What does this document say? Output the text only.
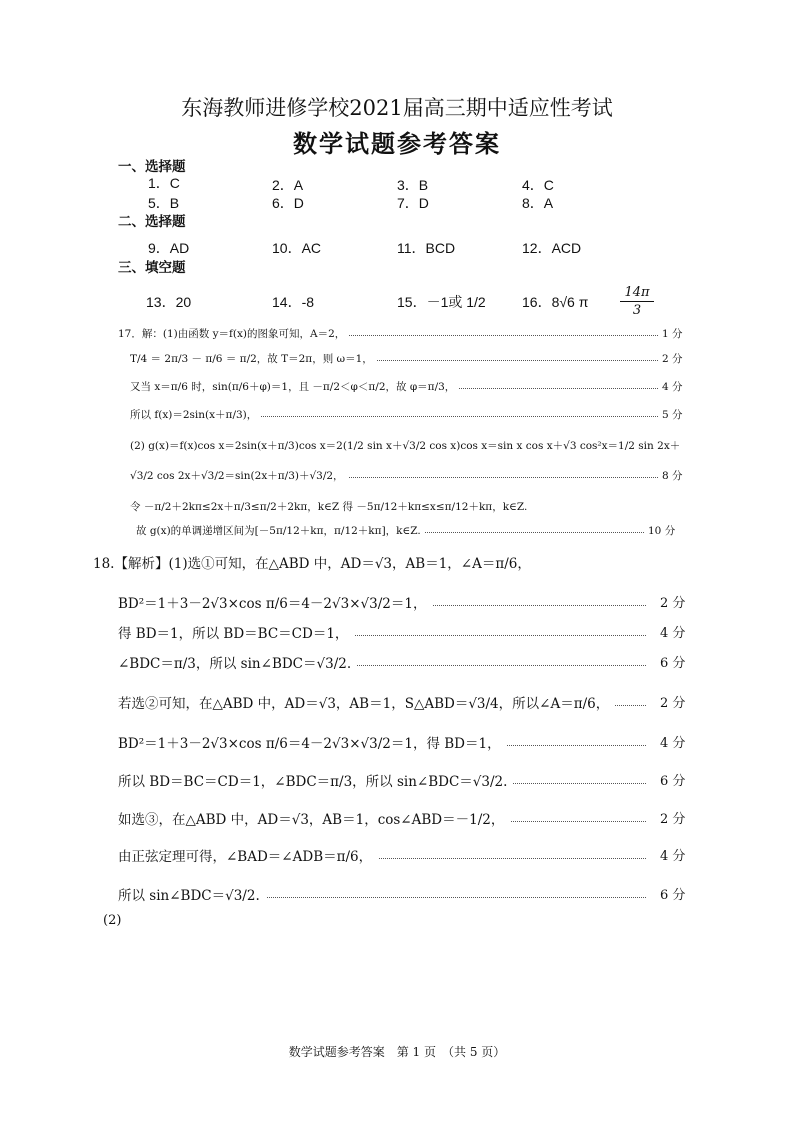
东海教师进修学校2021届高三期中适应性考试
数学试题参考答案
一、选择题
1．C	2．A	3．B	4．C
5．B	6．D	7．D	8．A
二、选择题
9．AD	10．AC	11．BCD	12．ACD
三、填空题
13．20	14．-8	15．－1或 1/2	16．8√6 π
14π
3
17．解：(1)由函数 y＝f(x)的图象可知，A＝2，	1 分
T/4 ＝ 2π/3 － π/6 ＝ π/2，故 T＝2π，则 ω＝1，	2 分
又当 x＝π/6 时，sin(π/6＋φ)＝1，且 －π/2＜φ＜π/2，故 φ＝π/3，	4 分
所以 f(x)＝2sin(x＋π/3)，	5 分
(2) g(x)＝f(x)cos x＝2sin(x＋π/3)cos x＝2(1/2 sin x＋√3/2 cos x)cos x＝sin x cos x＋√3 cos²x＝1/2 sin 2x＋
√3/2 cos 2x＋√3/2＝sin(2x＋π/3)＋√3/2，	8 分
令 －π/2＋2kπ≤2x＋π/3≤π/2＋2kπ，k∈Z 得 －5π/12＋kπ≤x≤π/12＋kπ，k∈Z.
故 g(x)的单调递增区间为[－5π/12＋kπ，π/12＋kπ]，k∈Z.	10 分
18.【解析】(1)选①可知，在△ABD 中，AD＝√3，AB＝1，∠A＝π/6，
BD²＝1＋3－2√3×cos π/6＝4－2√3×√3/2＝1，	2 分
得 BD＝1，所以 BD＝BC＝CD＝1，	4 分
∠BDC＝π/3，所以 sin∠BDC＝√3/2.	6 分
若选②可知，在△ABD 中，AD＝√3，AB＝1，S△ABD＝√3/4，所以∠A＝π/6，	2 分
BD²＝1＋3－2√3×cos π/6＝4－2√3×√3/2＝1，得 BD＝1，	4 分
所以 BD＝BC＝CD＝1，∠BDC＝π/3，所以 sin∠BDC＝√3/2.	6 分
如选③，在△ABD 中，AD＝√3，AB＝1，cos∠ABD＝－1/2，	2 分
由正弦定理可得，∠BAD＝∠ADB＝π/6，	4 分
所以 sin∠BDC＝√3/2.	6 分
(2)
数学试题参考答案　第 1 页　（共 5 页）
